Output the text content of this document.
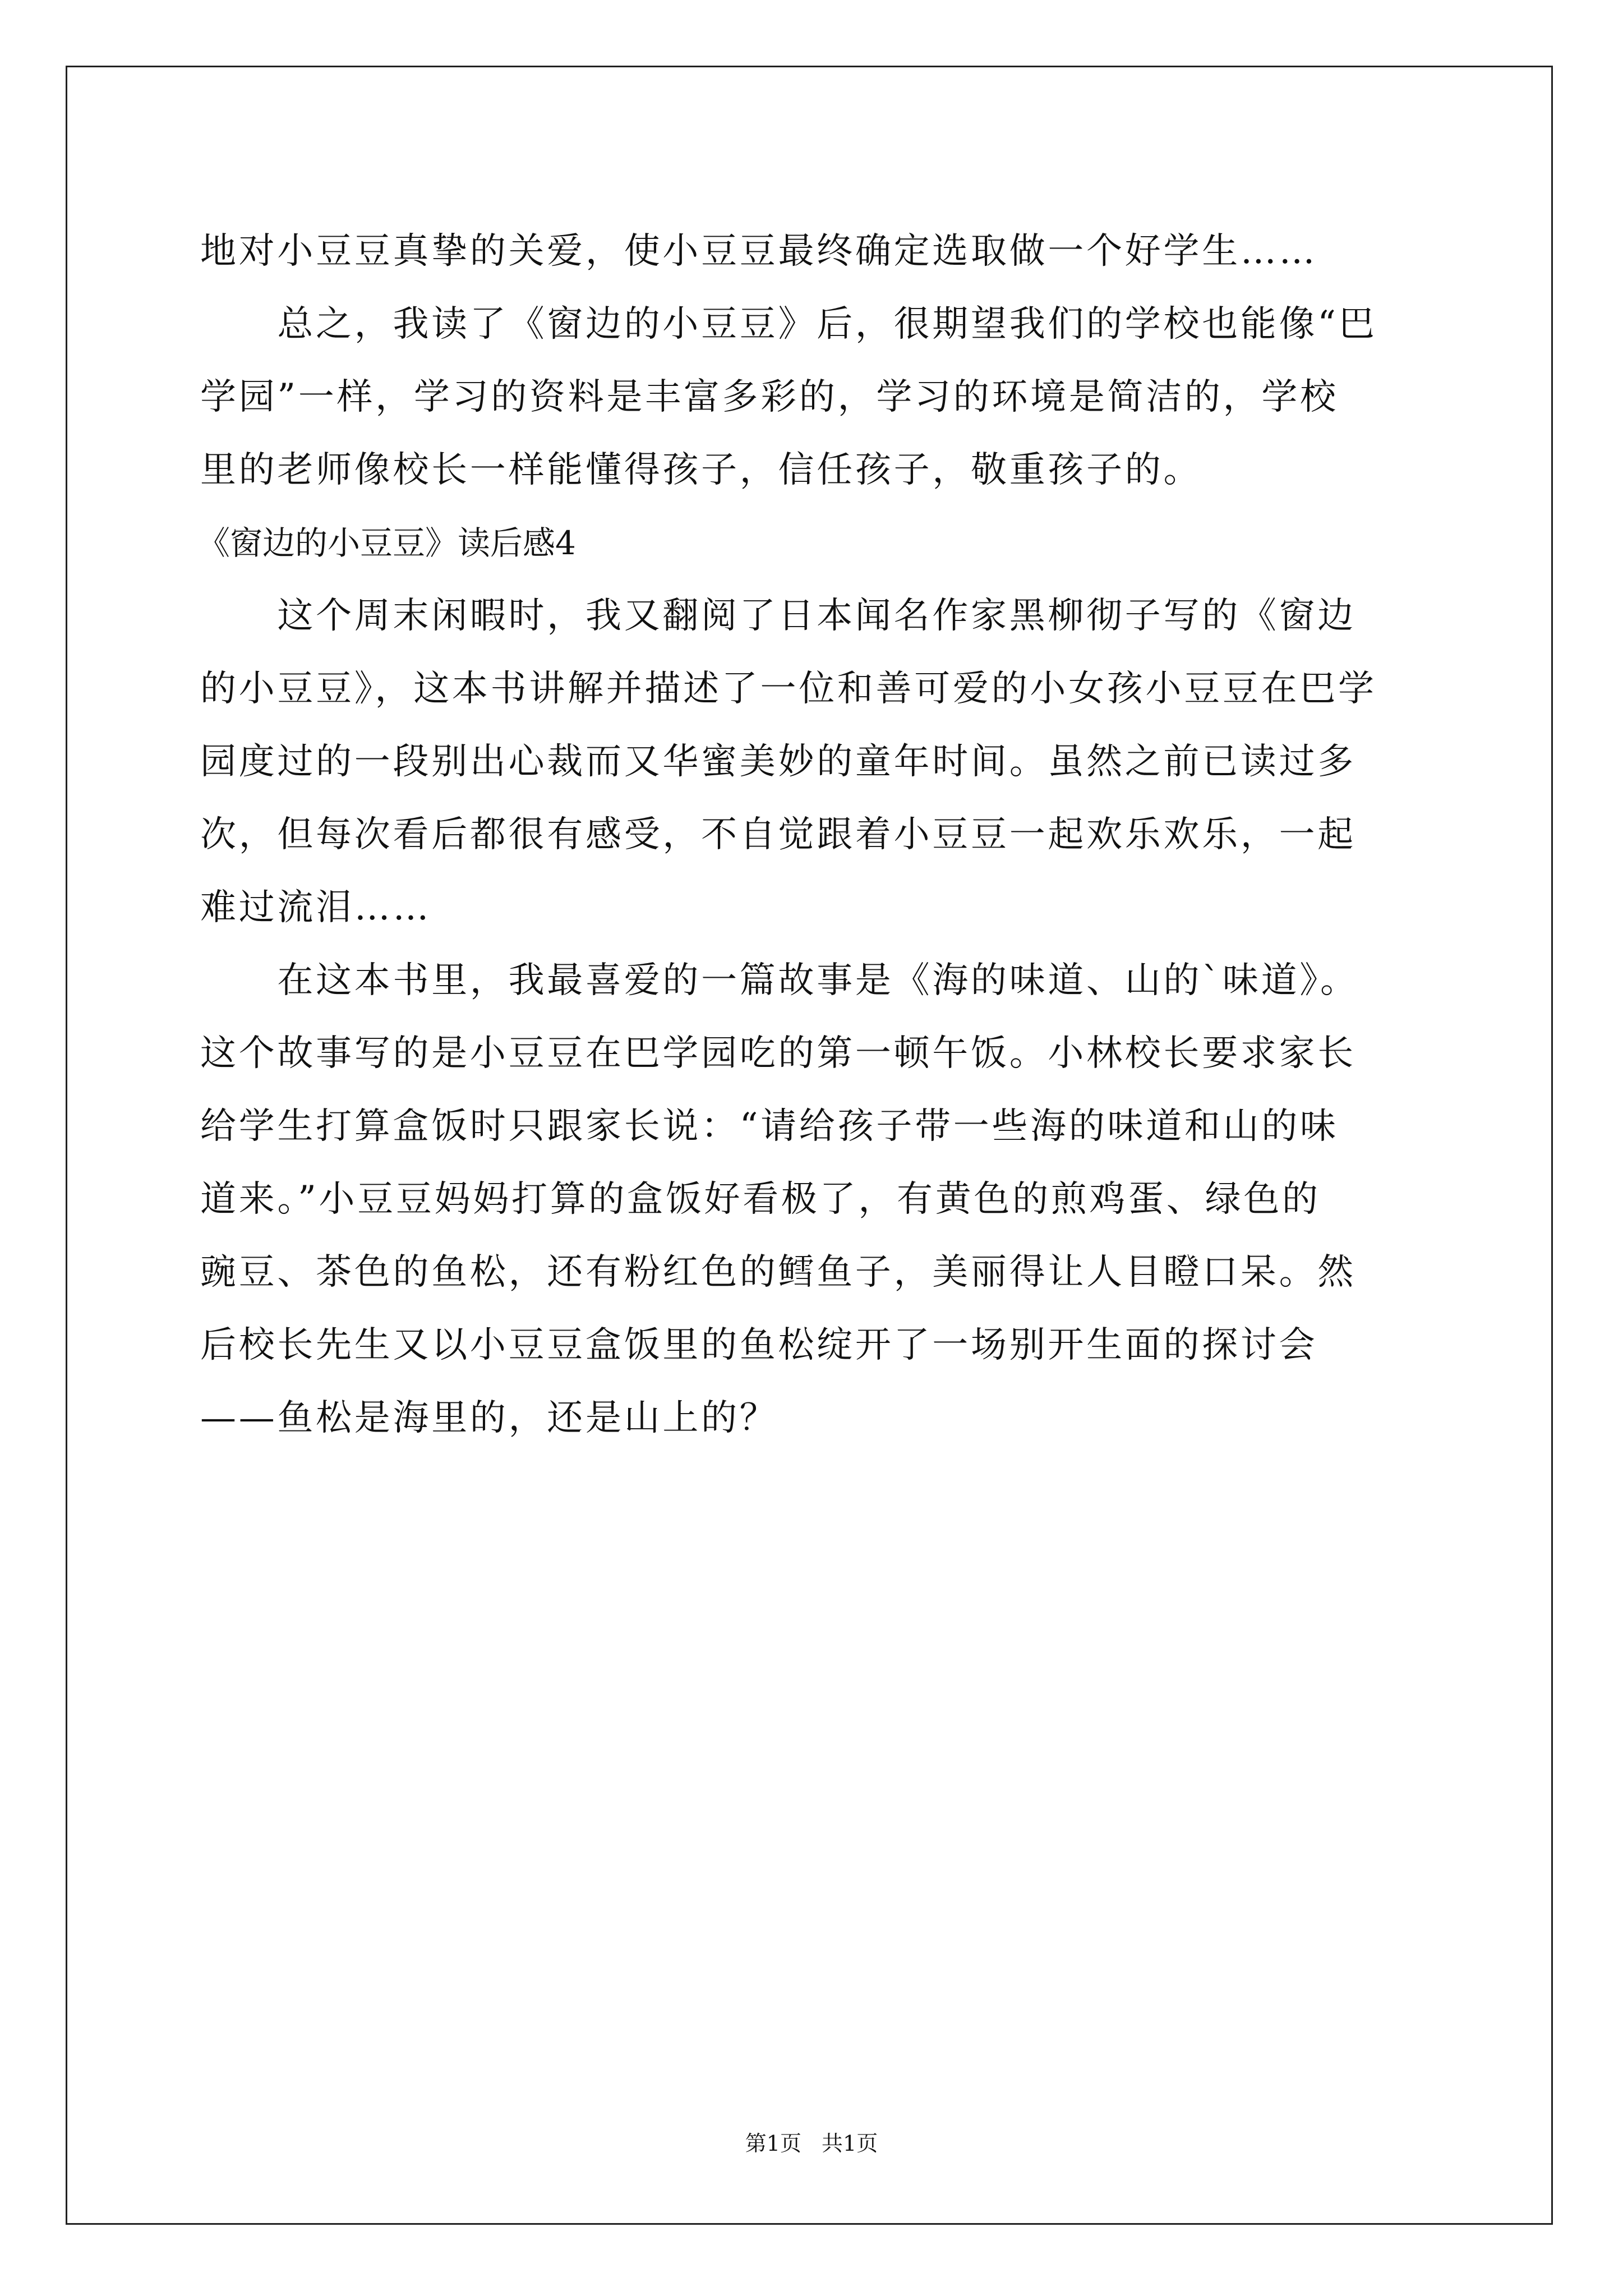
地对小豆豆真挚的关爱，使小豆豆最终确定选取做一个好学生……
　　总之，我读了《窗边的小豆豆》后，很期望我们的学校也能像“巴
学园”一样，学习的资料是丰富多彩的，学习的环境是简洁的，学校
里的老师像校长一样能懂得孩子，信任孩子，敬重孩子的。
《窗边的小豆豆》读后感4
　　这个周末闲暇时，我又翻阅了日本闻名作家黑柳彻子写的《窗边
的小豆豆》，这本书讲解并描述了一位和善可爱的小女孩小豆豆在巴学
园度过的一段别出心裁而又华蜜美妙的童年时间。虽然之前已读过多
次，但每次看后都很有感受，不自觉跟着小豆豆一起欢乐欢乐，一起
难过流泪……
　　在这本书里，我最喜爱的一篇故事是《海的味道、山的`味道》。
这个故事写的是小豆豆在巴学园吃的第一顿午饭。小林校长要求家长
给学生打算盒饭时只跟家长说：“请给孩子带一些海的味道和山的味
道来。”小豆豆妈妈打算的盒饭好看极了，有黄色的煎鸡蛋、绿色的
豌豆、茶色的鱼松，还有粉红色的鳕鱼子，美丽得让人目瞪口呆。然
后校长先生又以小豆豆盒饭里的鱼松绽开了一场别开生面的探讨会
——鱼松是海里的，还是山上的？
第1页 共1页
